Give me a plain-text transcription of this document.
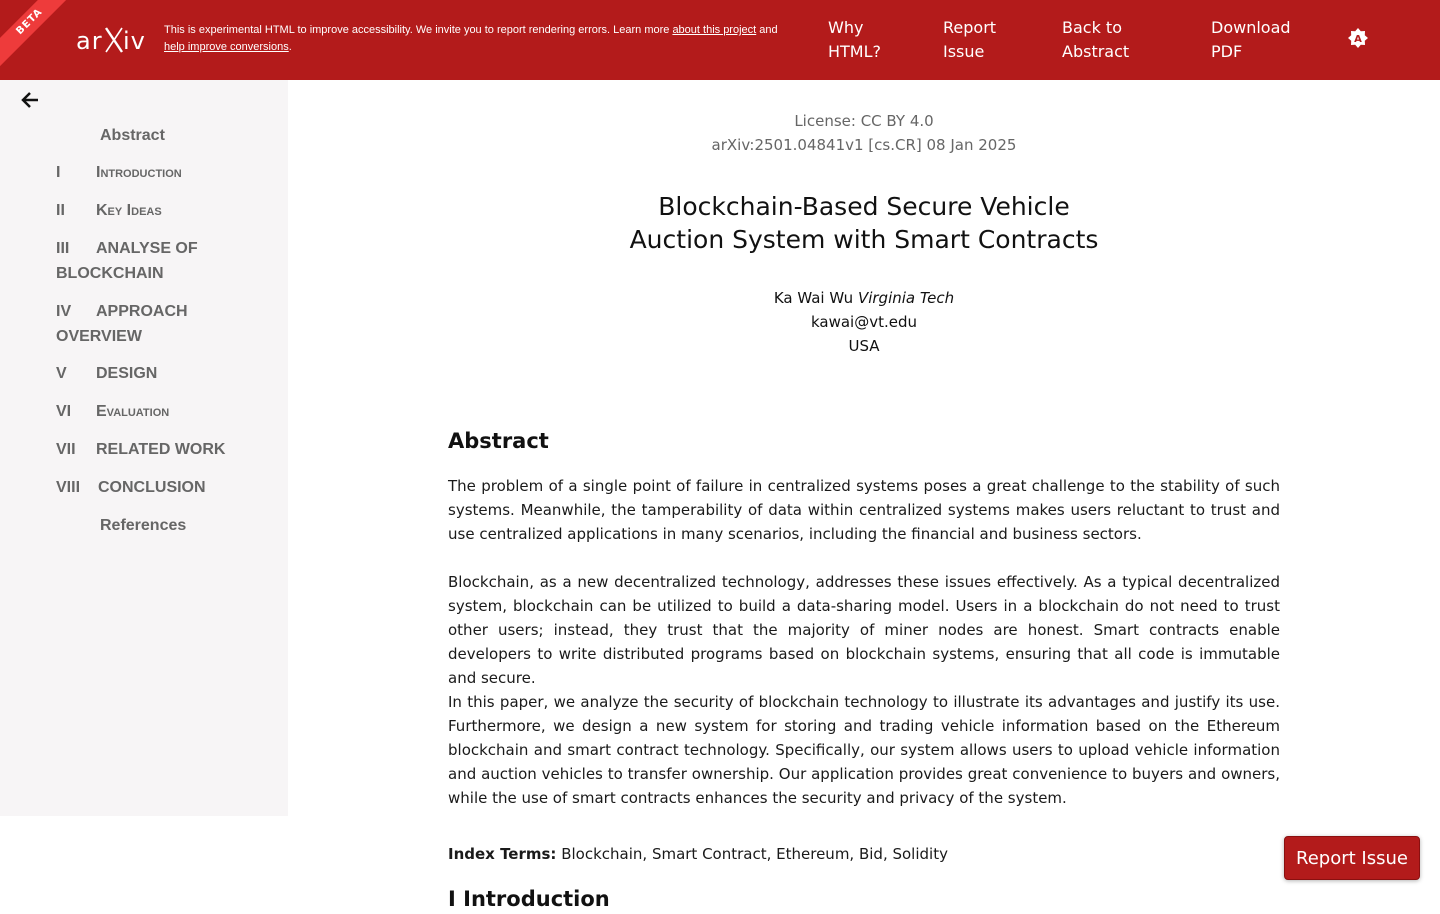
BETA
ar iv This is experimental HTML to improve accessibility. We invite you to report rendering errors. Learn more about this project and
help improve conversions.
Why HTML?
Report Issue
Back to Abstract
Download PDF
A
Abstract
I Introduction
II Key Ideas
III ANALYSE OF BLOCKCHAIN
IV APPROACH OVERVIEW
V DESIGN
VI Evaluation
VII RELATED WORK
VIII CONCLUSION
References
License: CC BY 4.0
arXiv:2501.04841v1 [cs.CR] 08 Jan 2025
Blockchain-Based Secure Vehicle Auction System with Smart Contracts
Ka Wai Wu Virginia Tech
kawai@vt.edu
USA
Abstract
The problem of a single point of failure in centralized systems poses a great challenge to the stability of such systems. Meanwhile, the tamperability of data within centralized systems makes users reluctant to trust and use centralized applications in many scenarios, including the financial and business sectors.
Blockchain, as a new decentralized technology, addresses these issues effectively. As a typical decentralized system, blockchain can be utilized to build a data-sharing model. Users in a blockchain do not need to trust other users; instead, they trust that the majority of miner nodes are honest. Smart contracts enable developers to write distributed programs based on blockchain systems, ensuring that all code is immutable and secure.
In this paper, we analyze the security of blockchain technology to illustrate its advantages and justify its use. Furthermore, we design a new system for storing and trading vehicle information based on the Ethereum blockchain and smart contract technology. Specifically, our system allows users to upload vehicle information and auction vehicles to transfer ownership. Our application provides great convenience to buyers and owners, while the use of smart contracts enhances the security and privacy of the system.
Index Terms: Blockchain, Smart Contract, Ethereum, Bid, Solidity
I Introduction
Report Issue
